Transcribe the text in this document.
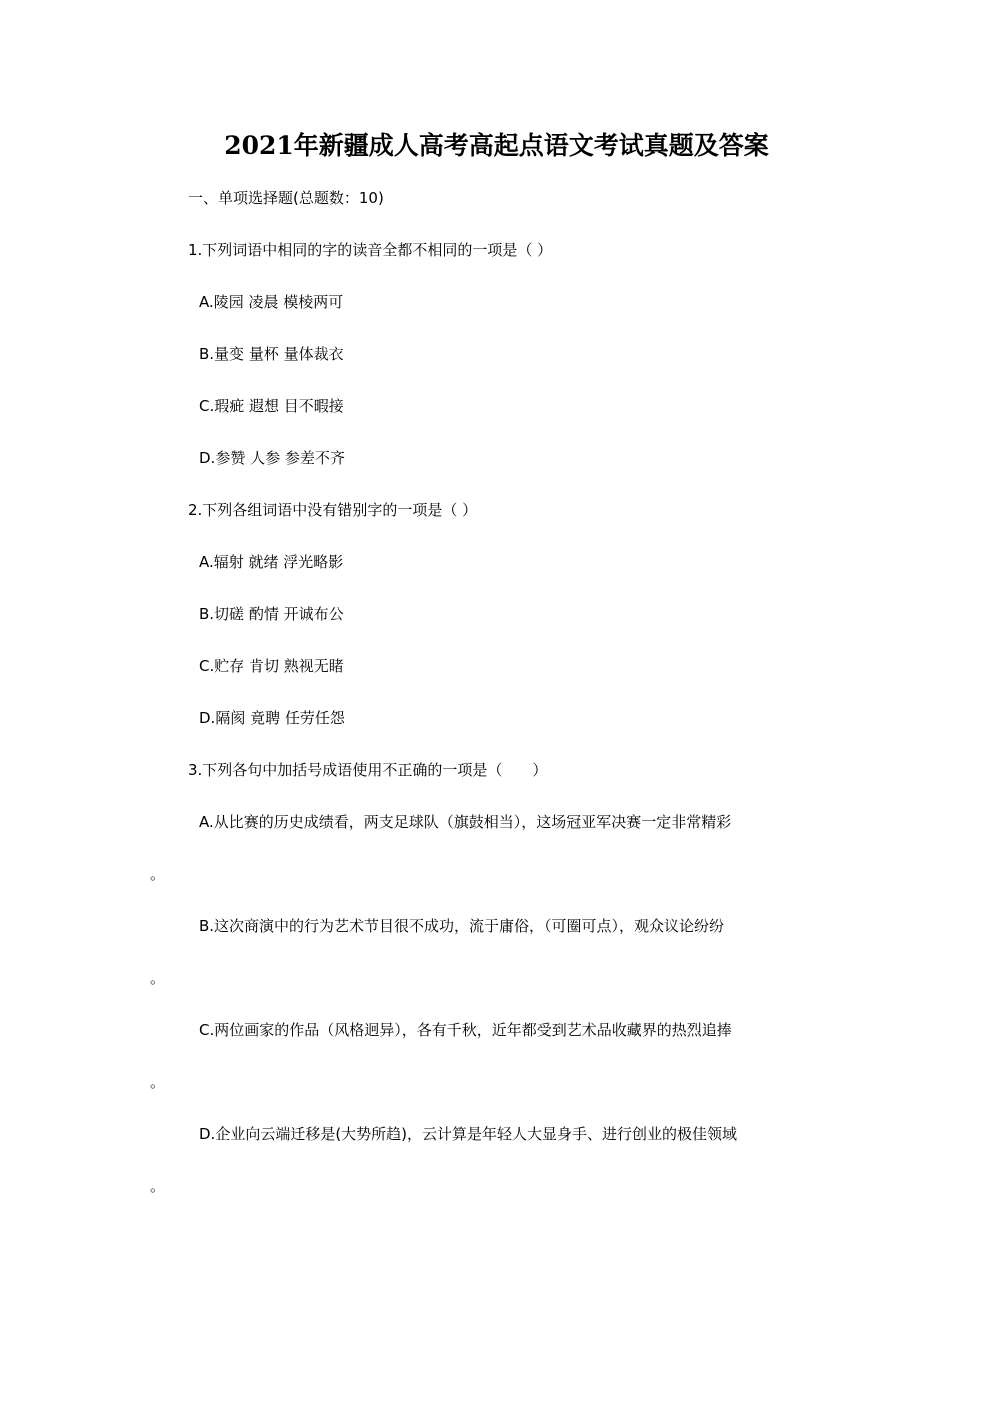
2021年新疆成人高考高起点语文考试真题及答案
一、单项选择题(总题数：10)
1.下列词语中相同的字的读音全都不相同的一项是（ ）
A.陵园 凌晨 模棱两可
B.量变 量杯 量体裁衣
C.瑕疵 遐想 目不暇接
D.参赞 人参 参差不齐
2.下列各组词语中没有错别字的一项是（ ）
A.辐射 就绪 浮光略影
B.切磋 酌情 开诚布公
C.贮存 肯切 熟视无睹
D.隔阂 竟聘 任劳任怨
3.下列各句中加括号成语使用不正确的一项是（　　）
A.从比赛的历史成绩看，两支足球队（旗鼓相当），这场冠亚军决赛一定非常精彩
。
B.这次商演中的行为艺术节目很不成功，流于庸俗，（可圈可点），观众议论纷纷
。
C.两位画家的作品（风格迥异），各有千秋，近年都受到艺术品收藏界的热烈追捧
。
D.企业向云端迁移是(大势所趋)，云计算是年轻人大显身手、进行创业的极佳领域
。
